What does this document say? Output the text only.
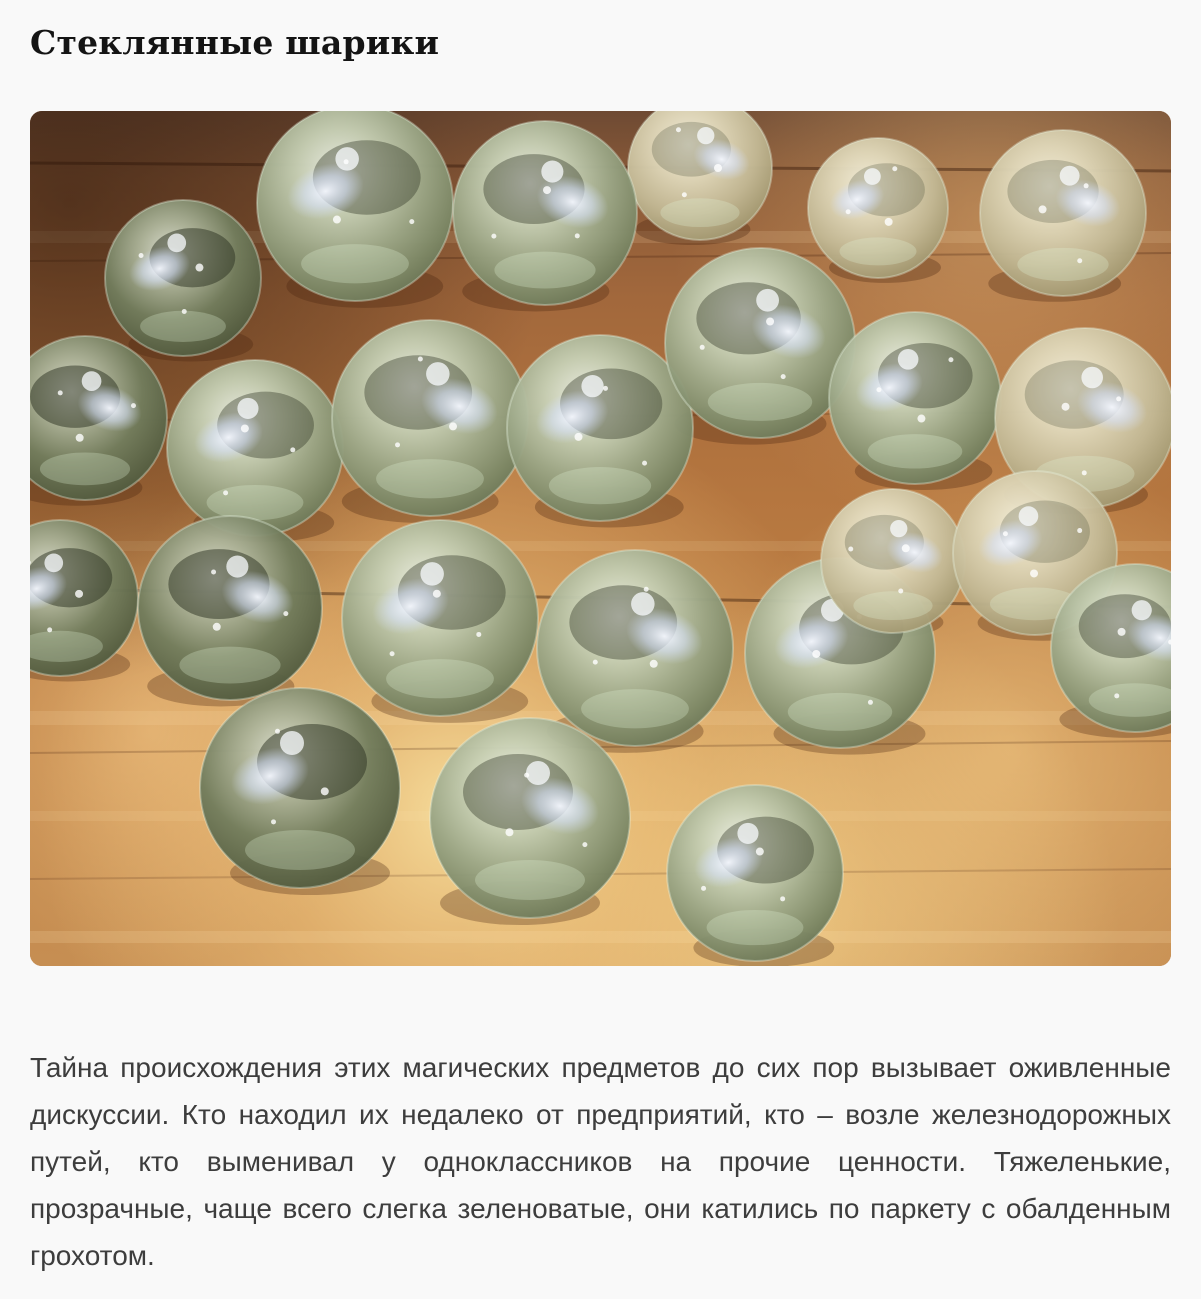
Стеклянные шарики
Тайна происхождения этих магических предметов до сих пор вызывает оживленные
дискуссии. Кто находил их недалеко от предприятий, кто – возле железнодорожных
путей, кто выменивал у одноклассников на прочие ценности. Тяжеленькие,
прозрачные, чаще всего слегка зеленоватые, они катились по паркету с обалденным
грохотом.
